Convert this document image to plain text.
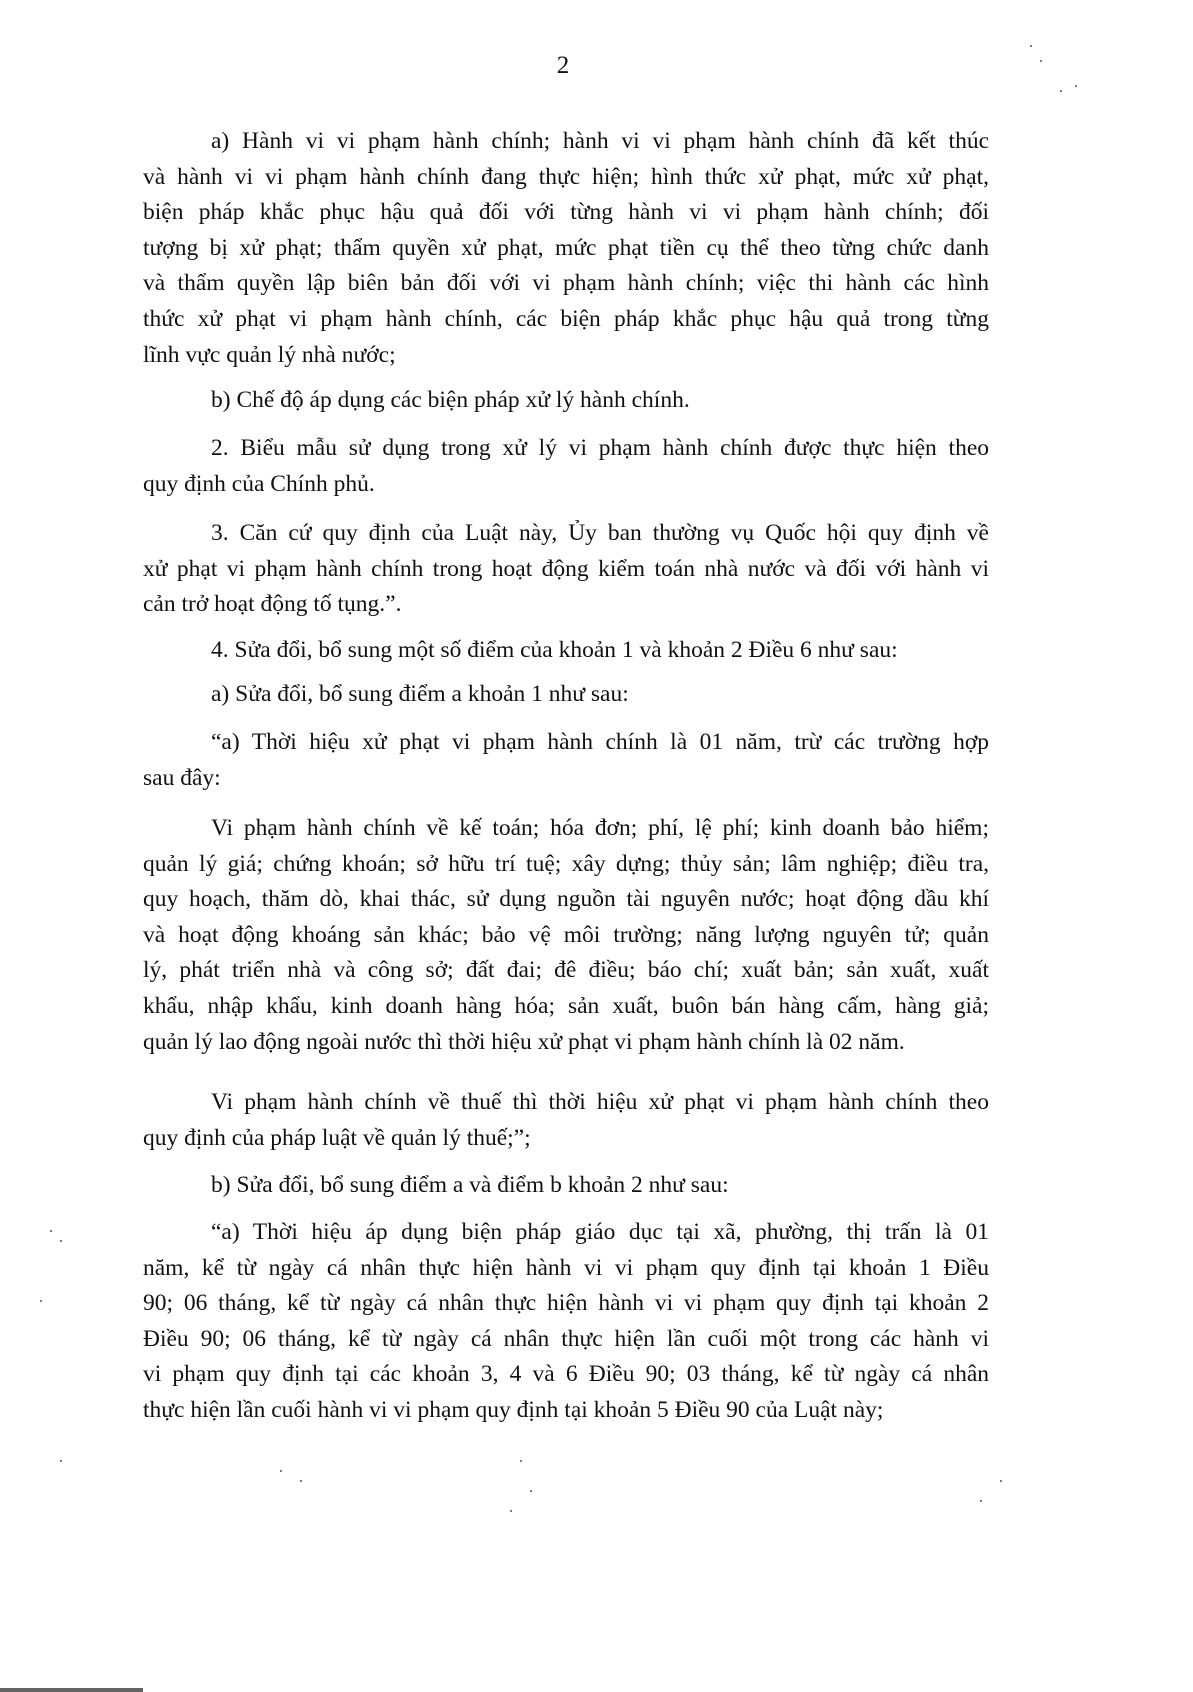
2
a) Hành vi vi phạm hành chính; hành vi vi phạm hành chính đã kết thúc
và hành vi vi phạm hành chính đang thực hiện; hình thức xử phạt, mức xử phạt,
biện pháp khắc phục hậu quả đối với từng hành vi vi phạm hành chính; đối
tượng bị xử phạt; thẩm quyền xử phạt, mức phạt tiền cụ thể theo từng chức danh
và thẩm quyền lập biên bản đối với vi phạm hành chính; việc thi hành các hình
thức xử phạt vi phạm hành chính, các biện pháp khắc phục hậu quả trong từng
lĩnh vực quản lý nhà nước;
b) Chế độ áp dụng các biện pháp xử lý hành chính.
2. Biểu mẫu sử dụng trong xử lý vi phạm hành chính được thực hiện theo
quy định của Chính phủ.
3. Căn cứ quy định của Luật này, Ủy ban thường vụ Quốc hội quy định về
xử phạt vi phạm hành chính trong hoạt động kiểm toán nhà nước và đối với hành vi
cản trở hoạt động tố tụng.”.
4. Sửa đổi, bổ sung một số điểm của khoản 1 và khoản 2 Điều 6 như sau:
a) Sửa đổi, bổ sung điểm a khoản 1 như sau:
“a) Thời hiệu xử phạt vi phạm hành chính là 01 năm, trừ các trường hợp
sau đây:
Vi phạm hành chính về kế toán; hóa đơn; phí, lệ phí; kinh doanh bảo hiểm;
quản lý giá; chứng khoán; sở hữu trí tuệ; xây dựng; thủy sản; lâm nghiệp; điều tra,
quy hoạch, thăm dò, khai thác, sử dụng nguồn tài nguyên nước; hoạt động dầu khí
và hoạt động khoáng sản khác; bảo vệ môi trường; năng lượng nguyên tử; quản
lý, phát triển nhà và công sở; đất đai; đê điều; báo chí; xuất bản; sản xuất, xuất
khẩu, nhập khẩu, kinh doanh hàng hóa; sản xuất, buôn bán hàng cấm, hàng giả;
quản lý lao động ngoài nước thì thời hiệu xử phạt vi phạm hành chính là 02 năm.
Vi phạm hành chính về thuế thì thời hiệu xử phạt vi phạm hành chính theo
quy định của pháp luật về quản lý thuế;”;
b) Sửa đổi, bổ sung điểm a và điểm b khoản 2 như sau:
“a) Thời hiệu áp dụng biện pháp giáo dục tại xã, phường, thị trấn là 01
năm, kể từ ngày cá nhân thực hiện hành vi vi phạm quy định tại khoản 1 Điều
90; 06 tháng, kể từ ngày cá nhân thực hiện hành vi vi phạm quy định tại khoản 2
Điều 90; 06 tháng, kể từ ngày cá nhân thực hiện lần cuối một trong các hành vi
vi phạm quy định tại các khoản 3, 4 và 6 Điều 90; 03 tháng, kể từ ngày cá nhân
thực hiện lần cuối hành vi vi phạm quy định tại khoản 5 Điều 90 của Luật này;
